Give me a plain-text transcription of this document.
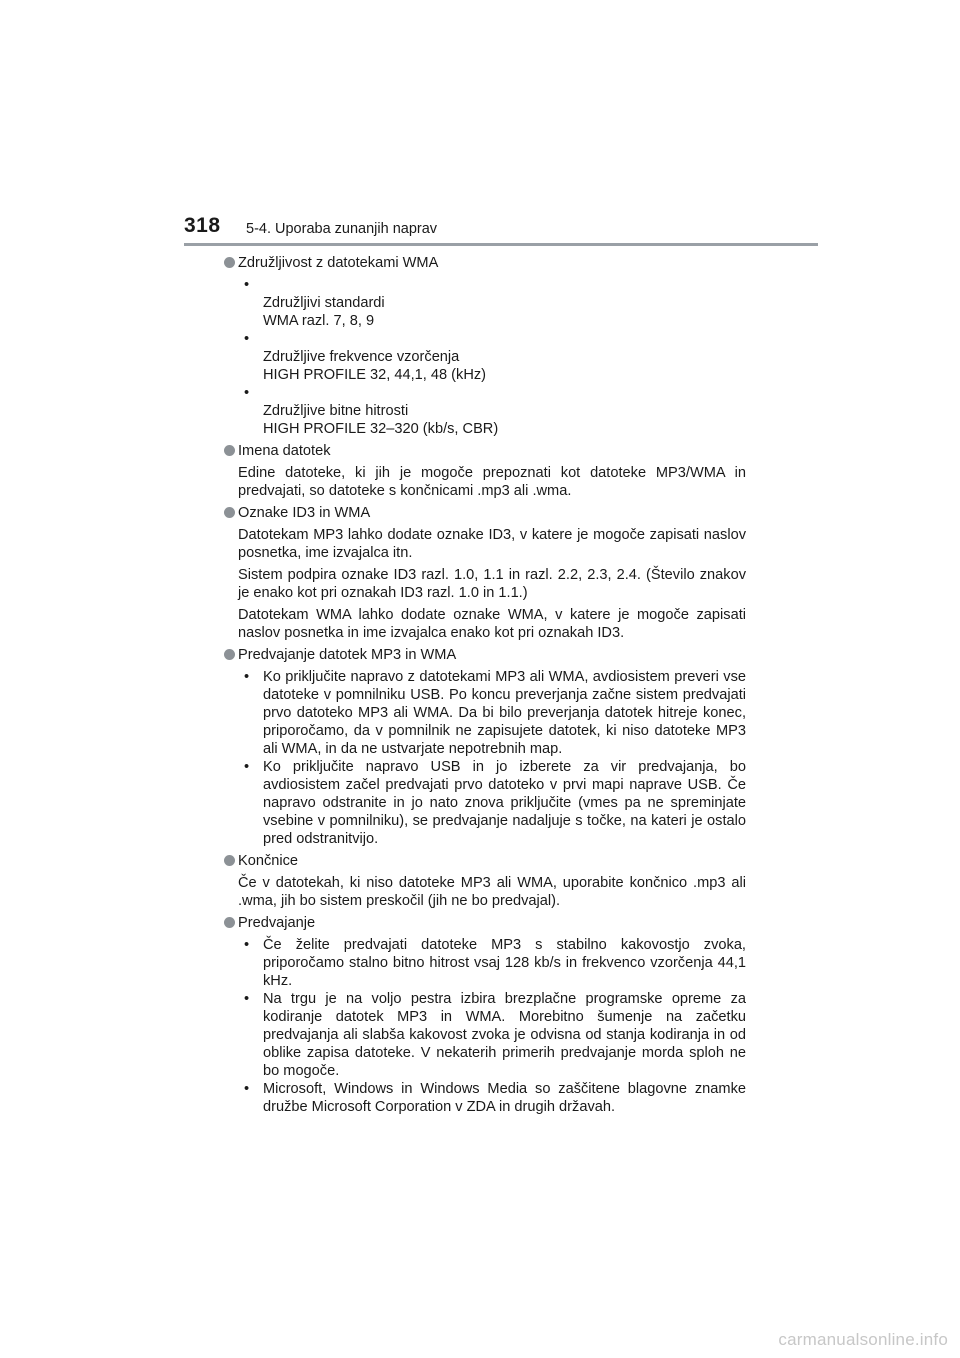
318 5-4. Uporaba zunanjih naprav
Združljivost z datotekami WMA

•
Združljivi standardi
WMA razl. 7, 8, 9

•
Združljive frekvence vzorčenja
HIGH PROFILE 32, 44,1, 48 (kHz)

•
Združljive bitne hitrosti
HIGH PROFILE 32–320 (kb/s, CBR)

Imena datotek
Edine datoteke, ki jih je mogoče prepoznati kot datoteke MP3/WMA in predvajati, so datoteke s končnicami .mp3 ali .wma.
Oznake ID3 in WMA
Datotekam MP3 lahko dodate oznake ID3, v katere je mogoče zapisati naslov posnetka, ime izvajalca itn.
Sistem podpira oznake ID3 razl. 1.0, 1.1 in razl. 2.2, 2.3, 2.4. (Število znakov je enako kot pri oznakah ID3 razl. 1.0 in 1.1.)
Datotekam WMA lahko dodate oznake WMA, v katere je mogoče zapisati naslov posnetka in ime izvajalca enako kot pri oznakah ID3.
Predvajanje datotek MP3 in WMA
• Ko priključite napravo z datotekami MP3 ali WMA, avdiosistem preveri vse datoteke v pomnilniku USB. Po koncu preverjanja začne sistem predvajati prvo datoteko MP3 ali WMA. Da bi bilo preverjanja datotek hitreje konec, priporočamo, da v pomnilnik ne zapisujete datotek, ki niso datoteke MP3 ali WMA, in da ne ustvarjate nepotrebnih map.
• Ko priključite napravo USB in jo izberete za vir predvajanja, bo avdiosistem začel predvajati prvo datoteko v prvi mapi naprave USB. Če napravo odstranite in jo nato znova priključite (vmes pa ne spreminjate vsebine v pomnilniku), se predvajanje nadaljuje s točke, na kateri je ostalo pred odstranitvijo.
Končnice
Če v datotekah, ki niso datoteke MP3 ali WMA, uporabite končnico .mp3 ali .wma, jih bo sistem preskočil (jih ne bo predvajal).
Predvajanje
• Če želite predvajati datoteke MP3 s stabilno kakovostjo zvoka, priporočamo stalno bitno hitrost vsaj 128 kb/s in frekvenco vzorčenja 44,1 kHz.
• Na trgu je na voljo pestra izbira brezplačne programske opreme za kodiranje datotek MP3 in WMA. Morebitno šumenje na začetku predvajanja ali slabša kakovost zvoka je odvisna od stanja kodiranja in od oblike zapisa datoteke. V nekaterih primerih predvajanje morda sploh ne bo mogoče.
• Microsoft, Windows in Windows Media so zaščitene blagovne znamke družbe Microsoft Corporation v ZDA in drugih državah.
carmanualsonline.info
